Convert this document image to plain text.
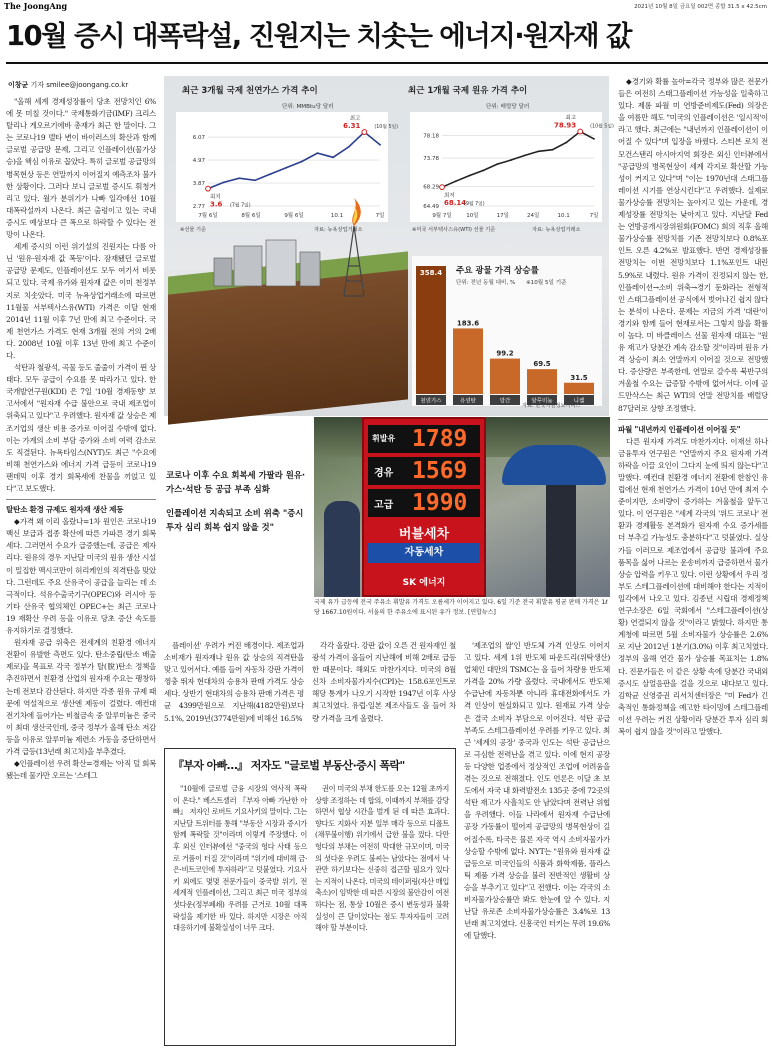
The JoongAng	2021년 10월 8일 금요일 002면 종합 31.5 x 42.5cm
10월 증시 대폭락설, 진원지는 치솟는 에너지·원자재 값
이창균 기자 smilee@joongang.co.kr

"올해 세계 경제성장률이 당초 전망치인 6%에 못 미칠 것이다." 국제통화기금(IMF) 크리스탈리나 게오르기에바 총재가 최근 한 말이다. 그는 코로나19 델타 변이 바이러스의 확산과 함께 글로벌 공급망 문제, 그리고 인플레이션(물가상승)을 핵심 이유로 꼽았다. 특히 글로벌 공급망의 병목현상 등은 연말까지 이어질지 예측조차 불가한 상황이다. 그러다 보니 글로벌 증시도 휘청거리고 있다. 월가 분위기가 나빠 일각에선 10월 대폭락설까지 나온다. 최근 출렁이고 있는 국내 증시도 예상보다 큰 폭으로 하락할 수 있다는 전망이 나온다.

세계 증시의 이런 위기설의 진원지는 다름 아닌 '원유·원자재 값 폭등'이다. 잠재됐던 글로벌 공급망 문제도, 인플레이션도 모두 여기서 비롯되고 있다. 국제 유가와 원자재 값은 이미 천정부지로 치솟았다. 미국 뉴욕상업거래소에 따르면 11월물 서부텍사스유(WTI) 가격은 이달 현재 2014년 11월 이후 7년 만에 최고 수준이다. 국제 천연가스 가격도 현재 3개월 전의 거의 2배다. 2008년 10월 이후 13년 만에 최고 수준이다.

석탄과 철광석, 곡물 등도 줄줄이 가격이 뛴 상태다. 모두 공급이 수요를 못 따라가고 있다. 한국개발연구원(KDI) 은 7일 '10월 경제동향' 보고서에서 "원자재 수급 불안으로 국내 제조업이 위축되고 있다"고 우려했다. 원자재 값 상승은 제조기업의 생산 비용 증가로 이어질 수밖에 없다. 이는 가계의 소비 부담 증가와 소비 여력 감소로도 직결된다. 뉴욕타임스(NYT)도 최근 "수요에 비해 천연가스와 에너지 가격 급등이 코로나19 팬데믹 이후 경기 회복세에 찬물을 끼얹고 있다"고 보도했다.

탈탄소 환경 규제도 원자재 생산 제동

◆가격 왜 이리 올랐나=1차 원인은 코로나19 백신 보급과 접종 확산에 따른 가파른 경기 회복세다. 그러면서 수요가 급증했는데, 공급은 제자리다. 원유의 경우 지난달 미국의 원유 생산 시설이 밀집한 멕시코만이 허리케인의 직격탄을 맞았다. 그런데도 주요 산유국이 공급을 늘리는 데 소극적이다. 석유수출국기구(OPEC)와 러시아 등 기타 산유국 협의체인 OPEC+는 최근 코로나19 재확산 우려 등을 이유로 당초 증산 속도를 유지하기로 결정했다.

원자재 공급 위축은 전세계의 친환경 에너지 전환이 유발한 측면도 있다. 탄소중립(탄소 배출 제로)을 목표로 각국 정부가 탈(脫)탄소 정책을 추진하면서 친환경 산업의 원자재 수요는 팽창하는데 전보다 감산된다. 하지만 각종 원유 규제 때문에 역설적으로 생산엔 제동이 걸렸다. 예컨대 전기차에 들어가는 비철금속 중 알루미늄은 중국이 최대 생산국인데, 중국 정부가 올해 탄소 저감 등을 이유로 알루미늄 제련소 가동을 중단하면서 가격 급등(13년래 최고치)을 부추겼다.

◆인플레이션 우려 확산=경제는 '아직 덜 회복됐는데 물가만 오르는 '스테그

최근 3개월 국제 천연가스 가격 추이
단위: MMBtu당 달러
6.07
4.97
3.87
2.77
7월 6일	8월 6일	9월 6일	10.1	7일
최고
6.31	(10월 5일)
최저
3.6 (7월 7일)
※선물 기준	자료: 뉴욕상업거래소
최근 1개월 국제 원유 가격 추이
단위: 배럴당 달러
78.18
73.78
68.29
64.49
9월 7일	10일	17일	24일	10.1	7일
최고
78.93	(10월 5일)
최저
68.14
(9월 7일)
※미국 서부텍사스유(WTI) 선물 기준	자료: 뉴욕상업거래소
358.4
천연가스
183.6
유연탄
99.2
망간
69.5
알루미늄
31.5
니켈
주요 광물 가격 상승률
단위: 전년 동월 대비, % ※10월 5일 기준
자료: 한국자원정보서비스
코로나 이후 수요 회복세 가팔라 원유·가스·석탄 등 공급 부족 심화
인플레이션 지속되고 소비 위축 "증시 투자 심리 회복 쉽지 않을 것"
휘발유 1789
경유 1569
고급 1990
버블세차
자동세차
SK 에너지
국제 유가 급등에 전국 주유소 휘발유 가격도 오름세가 이어지고 있다. 6일 기준 전국 휘발유 평균 판매 가격은 1ℓ당 1667.10원이다. 서울의 한 주유소에 표시된 유가 정보. [연합뉴스]

플레이션' 우려가 커진 배경이다. 제조업과 소비재가 원자재나 원유 값 상승의 직격탄을 맞고 있어서다. 예를 들어 자동차 강판 가격이 껑충 뛰자 현대차의 승용차 판매 가격도 상승세다. 상반기 현대차의 승용차 판매 가격은 평균 4399만원으로 지난해(4182만원)보다 5.1%, 2019년(3774만원)에 비해선 16.5%

각각 올랐다. 강판 값이 오른 건 원자재인 철광석 가격이 올들어 지난해에 비해 2배로 급등한 때문이다. 해외도 마찬가지다. 미국의 8월 신차 소비자물가지수(CPI)는 158.6포인트로 해당 통계가 나오기 시작한 1947년 이후 사상 최고치였다. 유럽·일본 제조사들도 올 들어 차량 가격을 크게 올렸다.

『부자 아빠…』 저자도 "글로벌 부동산·증시 폭락"

"10월에 글로벌 금융 시장의 역사적 폭락이 온다." 베스트셀러 『부자 아빠 가난한 아빠』 저자인 로버트 기요사키의 말이다. 그는 지난달 트위터를 통해 "부동산 시장과 증시가 함께 폭락할 것"이라며 이렇게 주장했다. 이후 외신 인터뷰에선 "중국의 헝다 사태 등으로 거품이 터질 것"이라며 "위기에 대비해 금·은·비트코인에 투자하라"고 덧붙였다. 기요사키 외에도 몇몇 전문가들이 중국발 위기, 전 세계적 인플레이션, 그리고 최근 미국 정부의 셧다운(정부폐쇄) 우려를 근거로 10월 대폭락설을 제기한 바 있다. 하지만 시장은 아직 대응하기에 불확실성이 너무 크다.

권이 미국의 부채 한도를 오는 12월 초까지 상향 조정하는 데 합의, 이때까지 부채를 감당하면서 협상 시간을 벌게 된 데 따른 효과다. 향다도 지화사 지분 일부 매각 등으로 디폴트(채무불이행) 위기에서 급한 불을 껐다. 다만 헝다의 부채는 여전히 막대한 규모이며, 미국의 셧다운 우려도 불씨는 남았다는 점에서 낙관만 하기보다는 신중히 접근할 필요가 있다는 지적이 나온다. 미국의 테이퍼링(자산 매입 축소)이 임박한 데 따른 시장의 불안감이 여전하다는 점, 통상 10월은 증시 변동성과 불확실성이 큰 달이었다는 점도 투자자들이 고려해야 할 부분이다.

'제조업의 쌀'인 반도체 가격 인상도 이어지고 있다. 세계 1위 반도체 파운드리(위탁생산) 업체인 대만의 TSMC는 올 들어 차량용 반도체 가격을 20% 가량 올렸다. 국내에서도 반도체 수급난에 자동차뿐 아니라 휴대전화에서도 가격 인상이 현실화되고 있다. 원재료 가격 상승은 결국 소비자 부담으로 이어진다. 석탄 공급 부족도 스테그플레이션 우려를 키우고 있다. 최근 '세계의 공장' 중국과 인도는 석탄 공급난으로 극심한 전력난을 겪고 있다. 이에 현지 공장 등 다양한 업종에서 정상적인 조업에 어려움을 겪는 것으로 전해졌다. 인도 언론은 이달 초 보도에서 자국 내 화력발전소 135곳 중에 72곳의 석탄 재고가 사흘치도 안 남았다며 전력난 위협을 우려했다. 이들 나라에서 원자재 수급난에 공장 가동률이 떨어져 공급망의 병목현상이 길어질수록, 타국은 물론 자국 역시 소비자물가가 상승할 수밖에 없다. NYT는 "원유와 원자재 값 급등으로 미국인들의 식품과 화학제품, 플라스틱 제품 가격 상승을 불러 전반적인 생활비 상승을 부추기고 있다"고 전했다. 이는 각국의 소비자물가상승률만 봐도 한눈에 알 수 있다. 지난달 유로존 소비자물가상승률은 3.4%로 13년래 최고치였다. 신흥국인 터키는 무려 19.6%에 달했다.

◆경기와 확률 높아=각국 정부와 많은 전문가들은 여전히 스태그플레이션 가능성을 일축하고 있다. 제롬 파월 미 연방준비제도(Fed) 의장은 을 여름만 해도 "미국의 인플레이션은 '일시적'이라고 했다. 최근에는 "내년까지 인플레이션이 이어질 수 있다"며 입장을 바꿨다. 스티븐 로치 전 모건스탠리 아시아지역 회장은 외신 인터뷰에서 "공급망의 병목현상이 세계 각지로 확산할 가능성이 커지고 있다"며 "이는 1970년대 스태그플레이션 시기를 연상시킨다"고 우려했다. 실제로 물가상승률 전망치는 높아지고 있는 가운데, 경제성장률 전망치는 낮아지고 있다. 지난달 Fed는 연방공개시장위원회(FOMC) 회의 직후 올해 물가상승률 전망치를 기존 전망치보다 0.8%포인트 오른 4.2%로 발표했다. 반면 경제성장률 전망치는 이번 전망치보다 1.1%포인트 내린 5.9%로 내렸다. 원유 가격이 진정되지 않는 한, 인플레이션→소비 위축→경기 둔화라는 전형적인 스태그플레이션 공식에서 벗어나긴 쉽지 않다는 분석이 나온다. 문제는 지금의 가격 '대란'이 경기와 함께 들어 현재로서는 그렇지 않을 확률이 높다. 미 바클레이스 선물 원자재 대표는 "원유 재고가 당분간 계속 감소할 것"이라며 원유 가격 상승이 최소 연말까지 이어질 것으로 전망했다. 증산량은 부족한데, 연말로 갈수록 북반구의 겨울철 수요는 급증할 수밖에 없어서다. 이에 골드만삭스는 최근 WTI의 연말 전망치를 배럴당 87달러로 상향 조정했다.

파월 "내년까지 인플레이션 이어질 듯"

다른 원자재 가격도 마찬가지다. 이재선 하나금융투자 연구원은 "연말까지 주요 원자재 가격 하락을 이끌 요인이 그다지 눈에 띄지 않는다"고 말했다. 예컨대 친환경 에너지 전환에 한참인 유럽에선 현재 천연가스 가격이 10년 만에 최저 수준이지만, 소비량이 증가하는 겨울철을 앞두고 있다. 이 연구원은 "세계 각국의 '위드 코로나' 전환과 경제활동 본격화가 원자재 수요 증가세를 더 부추길 가능성도 충분하다"고 덧붙였다. 실상가들 이러므로 제조업에서 공급망 불과에 주요 품목을 싫어 나르는 운송비까지 급증하면서 물가상승 압력을 키우고 있다. 이런 상황에서 우리 정부도 스테그플레이션에 대비해야 한다는 지적이 일각에서 나오고 있다. 김종년 시립대 경제정책연구소장은 6일 국회에서 "스테그플레이션(상황) 연결되지 않을 것"이라고 밝혔다. 하지만 통계청에 따르면 5월 소비자물가 상승률은 2.6%로 지난 2012년 1분기(3.0%) 이후 최고치였다. 정부의 올해 연간 물가 상승률 목표치는 1.8%다. 진문가들은 이 같은 상황 속에 당분간 국내외 증시도 살얼음판을 걸을 것으로 내다보고 있다. 김학균 신영증권 리서치센터장은 "미 Fed가 긴축적인 통화정책을 예고한 타이밍에 스테그플레이션 우려는 커진 상황이라 당분간 투자 심리 회복이 쉽지 않을 것"이라고 말했다.
